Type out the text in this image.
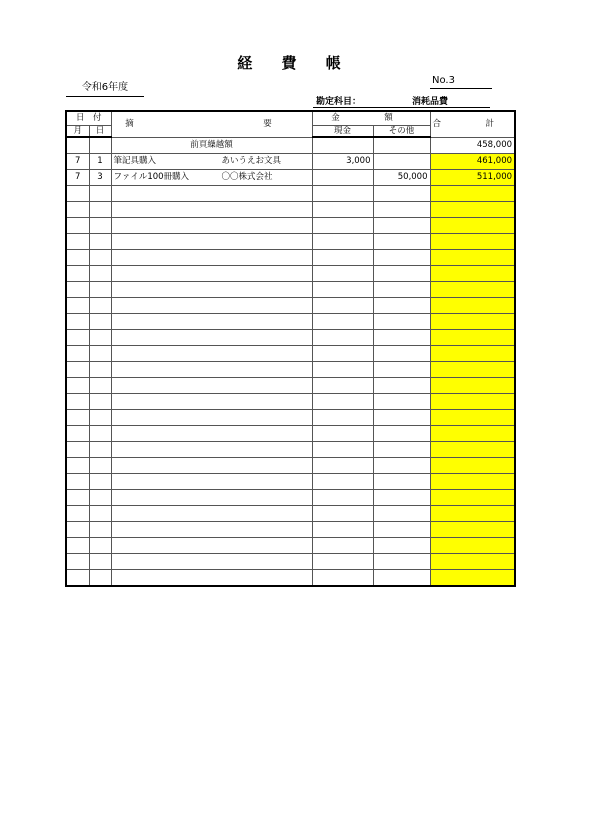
経 費 帳
令和6年度
No.3
勘定科目：	消耗品費
日　付		摘　　　要	金　額		合　計
月	日		現金	その他	
		前頁繰越額			458,000
7	1	筆記具購入 あいうえお文具	3,000		461,000
7	3	ファイル100冊購入 〇〇株式会社		50,000	511,000
